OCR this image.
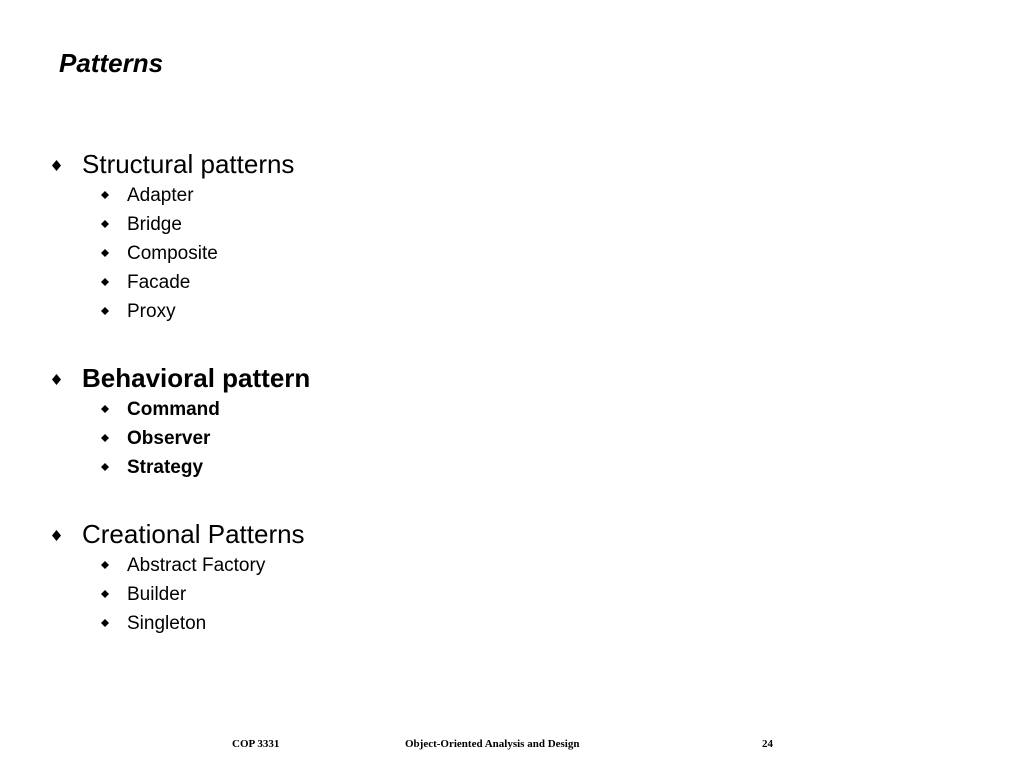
Patterns
Structural patterns
Adapter
Bridge
Composite
Facade
Proxy
Behavioral pattern
Command
Observer
Strategy
Creational Patterns
Abstract Factory
Builder
Singleton
COP 3331	Object-Oriented Analysis and Design	24
